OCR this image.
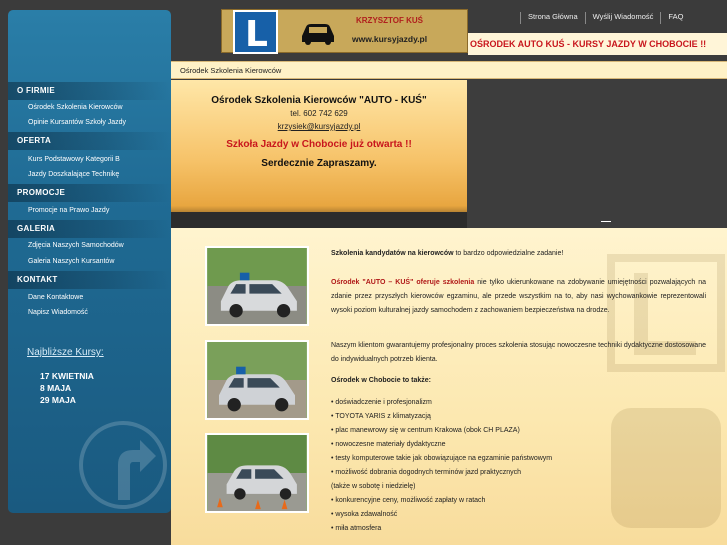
O FIRMIE
Ośrodek Szkolenia Kierowców
Opinie Kursantów Szkoły Jazdy
OFERTA
Kurs Podstawowy Kategorii B
Jazdy Doszkalające Technikę
PROMOCJE
Promocje na Prawo Jazdy
GALERIA
Zdjęcia Naszych Samochodów
Galeria Naszych Kursantów
KONTAKT
Dane Kontaktowe
Napisz Wiadomość
Najbliższe Kursy:
17 KWIETNIA
8 MAJA
29 MAJA
L	KRZYSZTOF KUŚ
www.kursyjazdy.pl
Strona Główna	Wyślij Wiadomość	FAQ
OŚRODEK AUTO KUŚ - KURSY JAZDY W CHOBOCIE !!
Ośrodek Szkolenia Kierowców
Ośrodek Szkolenia Kierowców "AUTO - KUŚ"
tel. 602 742 629
krzysiek@kursyjazdy.pl
Szkoła Jazdy w Chobocie już otwarta !!
Serdecznie Zapraszamy.
Szkolenia kandydatów na kierowców to bardzo odpowiedzialne zadanie!
Ośrodek "AUTO – KUŚ" oferuje szkolenia nie tylko ukierunkowane na zdobywanie umiejętności pozwalających na zdanie przez przyszłych kierowców egzaminu, ale przede wszystkim na to, aby nasi wychowankowie reprezentowali wysoki poziom kulturalnej jazdy samochodem z zachowaniem bezpieczeństwa na drodze.
Naszym klientom gwarantujemy profesjonalny proces szkolenia stosując nowoczesne techniki dydaktyczne dostosowane do indywidualnych potrzeb klienta.
Ośrodek w Chobocie to także:
• doświadczenie i profesjonalizm
• TOYOTA YARIS z klimatyzacją
• plac manewrowy się w centrum Krakowa (obok CH PLAZA)
• nowoczesne materiały dydaktyczne
• testy komputerowe takie jak obowiązujące na egzaminie państwowym
• możliwość dobrania dogodnych terminów jazd praktycznych
(także w sobotę i niedzielę)
• konkurencyjne ceny, możliwość zapłaty w ratach
• wysoka zdawalność
• miła atmosfera
